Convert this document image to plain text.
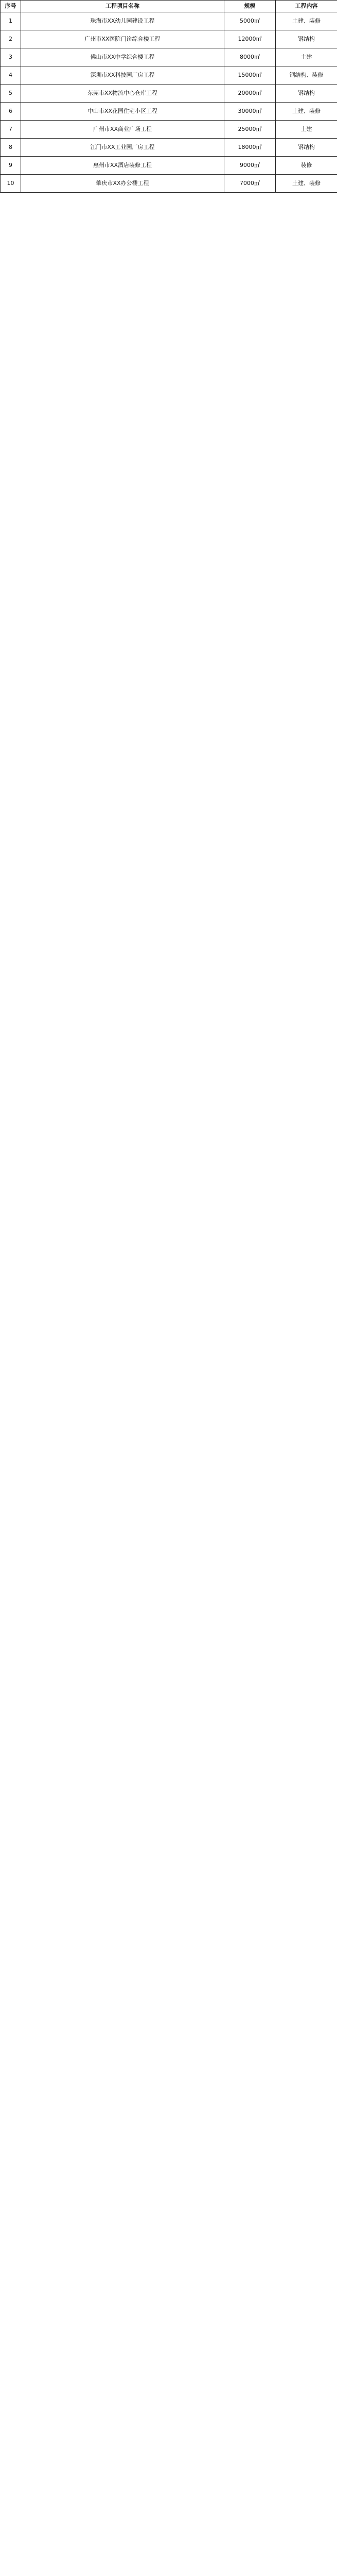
序号	工程项目名称	规模	工程内容
1	珠海市XX幼儿园建设工程	5000㎡	土建、装修
2	广州市XX医院门诊综合楼工程	12000㎡	钢结构
3	佛山市XX中学综合楼工程	8000㎡	土建
4	深圳市XX科技园厂房工程	15000㎡	钢结构、装修
5	东莞市XX物流中心仓库工程	20000㎡	钢结构
6	中山市XX花园住宅小区工程	30000㎡	土建、装修
7	广州市XX商业广场工程	25000㎡	土建
8	江门市XX工业园厂房工程	18000㎡	钢结构
9	惠州市XX酒店装修工程	9000㎡	装修
10	肇庆市XX办公楼工程	7000㎡	土建、装修
